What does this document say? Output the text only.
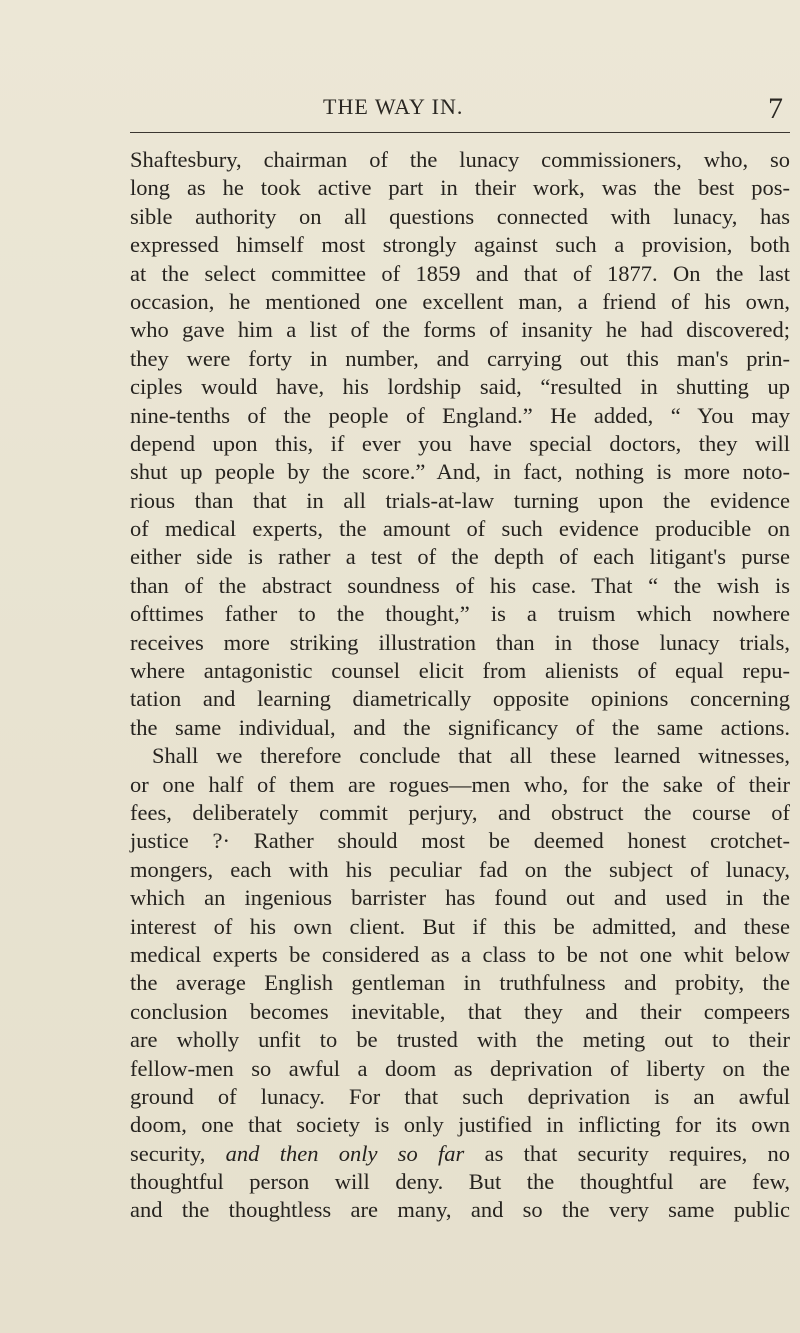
THE WAY IN.	7
Shaftesbury, chairman of the lunacy commissioners, who, so
long as he took active part in their work, was the best pos-
sible authority on all questions connected with lunacy, has
expressed himself most strongly against such a provision, both
at the select committee of 1859 and that of 1877. On the last
occasion, he mentioned one excellent man, a friend of his own,
who gave him a list of the forms of insanity he had discovered;
they were forty in number, and carrying out this man's prin-
ciples would have, his lordship said, “resulted in shutting up
nine-tenths of the people of England.” He added, “ You may
depend upon this, if ever you have special doctors, they will
shut up people by the score.” And, in fact, nothing is more noto-
rious than that in all trials-at-law turning upon the evidence
of medical experts, the amount of such evidence producible on
either side is rather a test of the depth of each litigant's purse
than of the abstract soundness of his case. That “ the wish is
ofttimes father to the thought,” is a truism which nowhere
receives more striking illustration than in those lunacy trials,
where antagonistic counsel elicit from alienists of equal repu-
tation and learning diametrically opposite opinions concerning
the same individual, and the significancy of the same actions.
Shall we therefore conclude that all these learned witnesses,
or one half of them are rogues—men who, for the sake of their
fees, deliberately commit perjury, and obstruct the course of
justice ?· Rather should most be deemed honest crotchet-
mongers, each with his peculiar fad on the subject of lunacy,
which an ingenious barrister has found out and used in the
interest of his own client. But if this be admitted, and these
medical experts be considered as a class to be not one whit below
the average English gentleman in truthfulness and probity, the
conclusion becomes inevitable, that they and their compeers
are wholly unfit to be trusted with the meting out to their
fellow-men so awful a doom as deprivation of liberty on the
ground of lunacy. For that such deprivation is an awful
doom, one that society is only justified in inflicting for its own
security, and then only so far as that security requires, no
thoughtful person will deny. But the thoughtful are few,
and the thoughtless are many, and so the very same public
